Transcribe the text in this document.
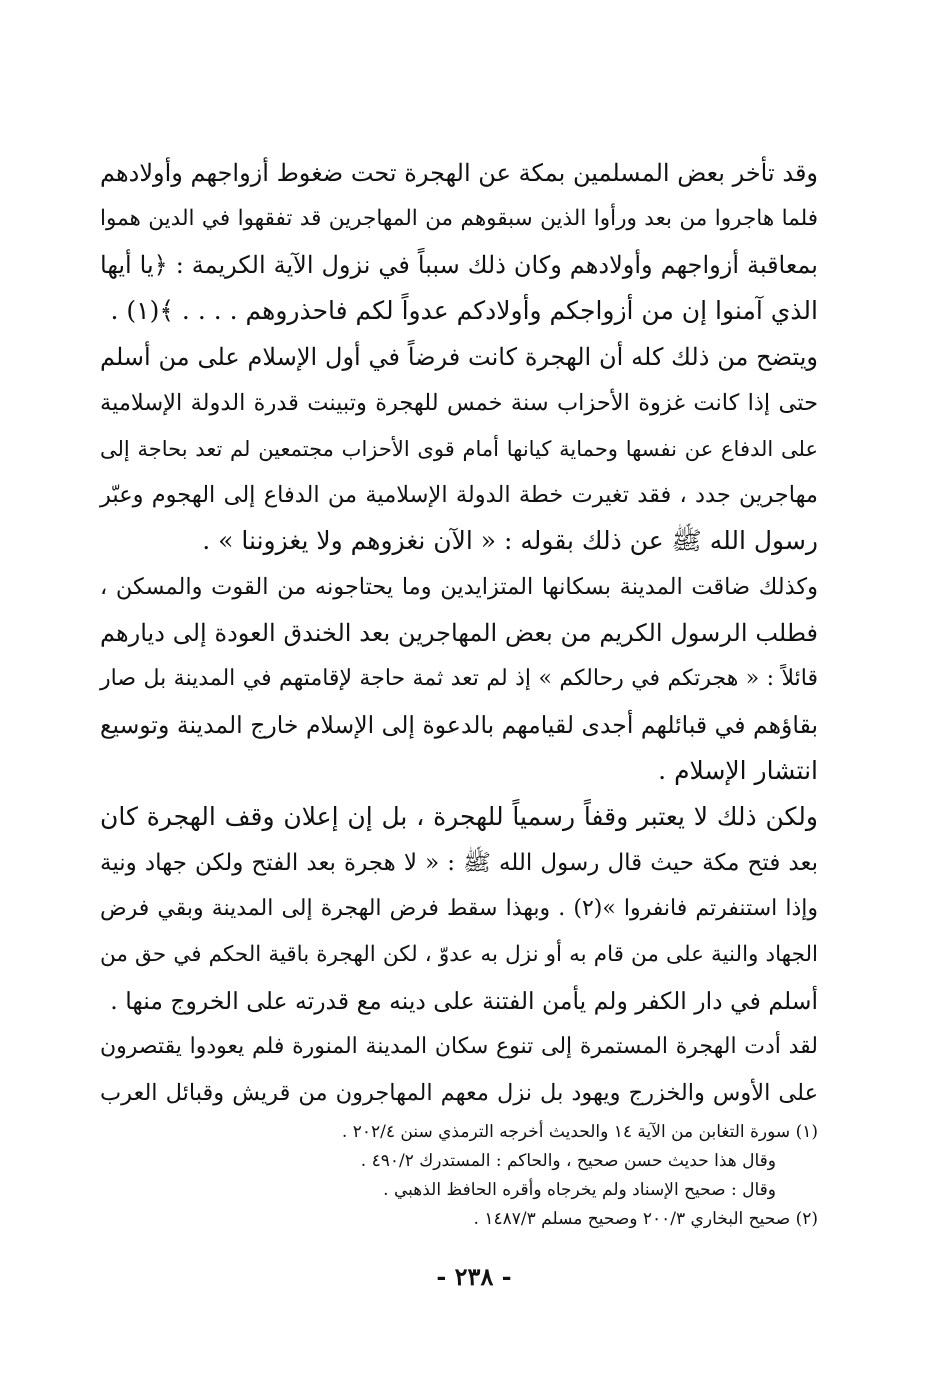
وقد تأخر بعض المسلمين بمكة عن الهجرة تحت ضغوط أزواجهم وأولادهم
فلما هاجروا من بعد ورأوا الذين سبقوهم من المهاجرين قد تفقهوا في الدين هموا
بمعاقبة أزواجهم وأولادهم وكان ذلك سبباً في نزول الآية الكريمة : ﴿يا أيها
الذي آمنوا إن من أزواجكم وأولادكم عدواً لكم فاحذروهم . . . . ﴾(١) .

ويتضح من ذلك كله أن الهجرة كانت فرضاً في أول الإسلام على من أسلم
حتى إذا كانت غزوة الأحزاب سنة خمس للهجرة وتبينت قدرة الدولة الإسلامية
على الدفاع عن نفسها وحماية كيانها أمام قوى الأحزاب مجتمعين لم تعد بحاجة إلى
مهاجرين جدد ، فقد تغيرت خطة الدولة الإسلامية من الدفاع إلى الهجوم وعبّر
رسول الله ﷺ عن ذلك بقوله : « الآن نغزوهم ولا يغزوننا » .

وكذلك ضاقت المدينة بسكانها المتزايدين وما يحتاجونه من القوت والمسكن ،
فطلب الرسول الكريم من بعض المهاجرين بعد الخندق العودة إلى ديارهم
قائلاً : « هجرتكم في رحالكم » إذ لم تعد ثمة حاجة لإقامتهم في المدينة بل صار
بقاؤهم في قبائلهم أجدى لقيامهم بالدعوة إلى الإسلام خارج المدينة وتوسيع
انتشار الإسلام .

ولكن ذلك لا يعتبر وقفاً رسمياً للهجرة ، بل إن إعلان وقف الهجرة كان
بعد فتح مكة حيث قال رسول الله ﷺ : « لا هجرة بعد الفتح ولكن جهاد ونية
وإذا استنفرتم فانفروا »(٢) . وبهذا سقط فرض الهجرة إلى المدينة وبقي فرض
الجهاد والنية على من قام به أو نزل به عدوّ ، لكن الهجرة باقية الحكم في حق من
أسلم في دار الكفر ولم يأمن الفتنة على دينه مع قدرته على الخروج منها .

لقد أدت الهجرة المستمرة إلى تنوع سكان المدينة المنورة فلم يعودوا يقتصرون
على الأوس والخزرج ويهود بل نزل معهم المهاجرون من قريش وقبائل العرب

(١) سورة التغابن من الآية ١٤ والحديث أخرجه الترمذي سنن ٢٠٢/٤ .
وقال هذا حديث حسن صحيح ، والحاكم : المستدرك ٤٩٠/٢ .
وقال : صحيح الإسناد ولم يخرجاه وأقره الحافظ الذهبي .
(٢) صحيح البخاري ٢٠٠/٣ وصحيح مسلم ١٤٨٧/٣ .
- ٢٣٨ -
